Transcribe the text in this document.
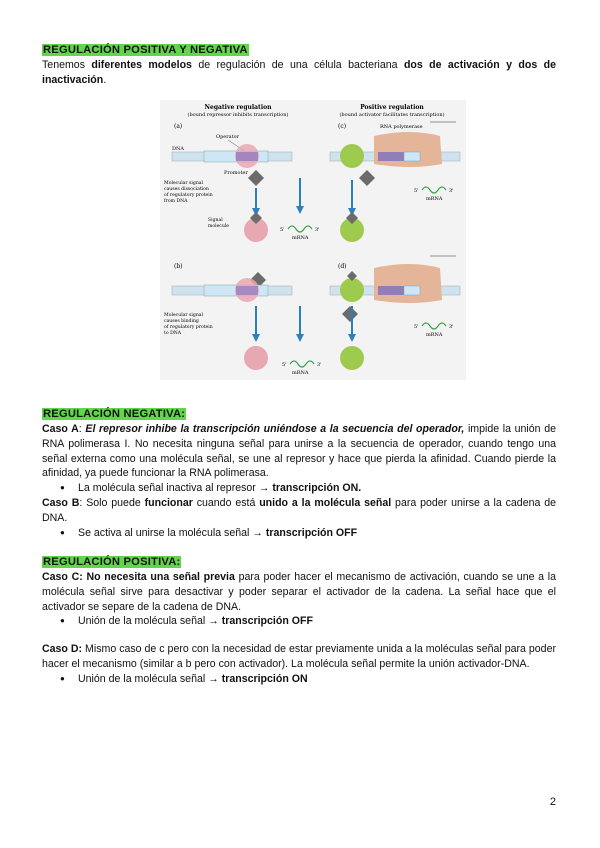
REGULACIÓN POSITIVA Y NEGATIVA

Tenemos diferentes modelos de regulación de una célula bacteriana dos de activación y dos de inactivación.

Negative regulation
(bound repressor inhibits transcription)
Positive regulation
(bound activator facilitates transcription)
(a)
Operator
DNA
Promoter
Molecular signal
causes dissociation
of regulatory protein
from DNA
Signal
molecule
5'	3'
mRNA
(c)	RNA polymerase
5'	3'
mRNA
(b)
Molecular signal
causes binding
of regulatory protein
to DNA
5'	3'
mRNA
(d)
5'	3'
mRNA
REGULACIÓN NEGATIVA:

Caso A: El represor inhibe la transcripción uniéndose a la secuencia del operador, impide la unión de RNA polimerasa I. No necesita ninguna señal para unirse a la secuencia de operador, cuando tengo una señal externa como una molécula señal, se une al represor y hace que pierda la afinidad. Cuando pierde la afinidad, ya puede funcionar la RNA polimerasa.

● La molécula señal inactiva al represor → transcripción ON.

Caso B: Solo puede funcionar cuando está unido a la molécula señal para poder unirse a la cadena de DNA.

● Se activa al unirse la molécula señal → transcripción OFF
REGULACIÓN POSITIVA:

Caso C: No necesita una señal previa para poder hacer el mecanismo de activación, cuando se une a la molécula señal sirve para desactivar y poder separar el activador de la cadena. La señal hace que el activador se separe de la cadena de DNA.

● Unión de la molécula señal → transcripción OFF

Caso D: Mismo caso de c pero con la necesidad de estar previamente unida a la moléculas señal para poder hacer el mecanismo (similar a b pero con activador). La molécula señal permite la unión activador-DNA.

● Unión de la molécula señal → transcripción ON
2
